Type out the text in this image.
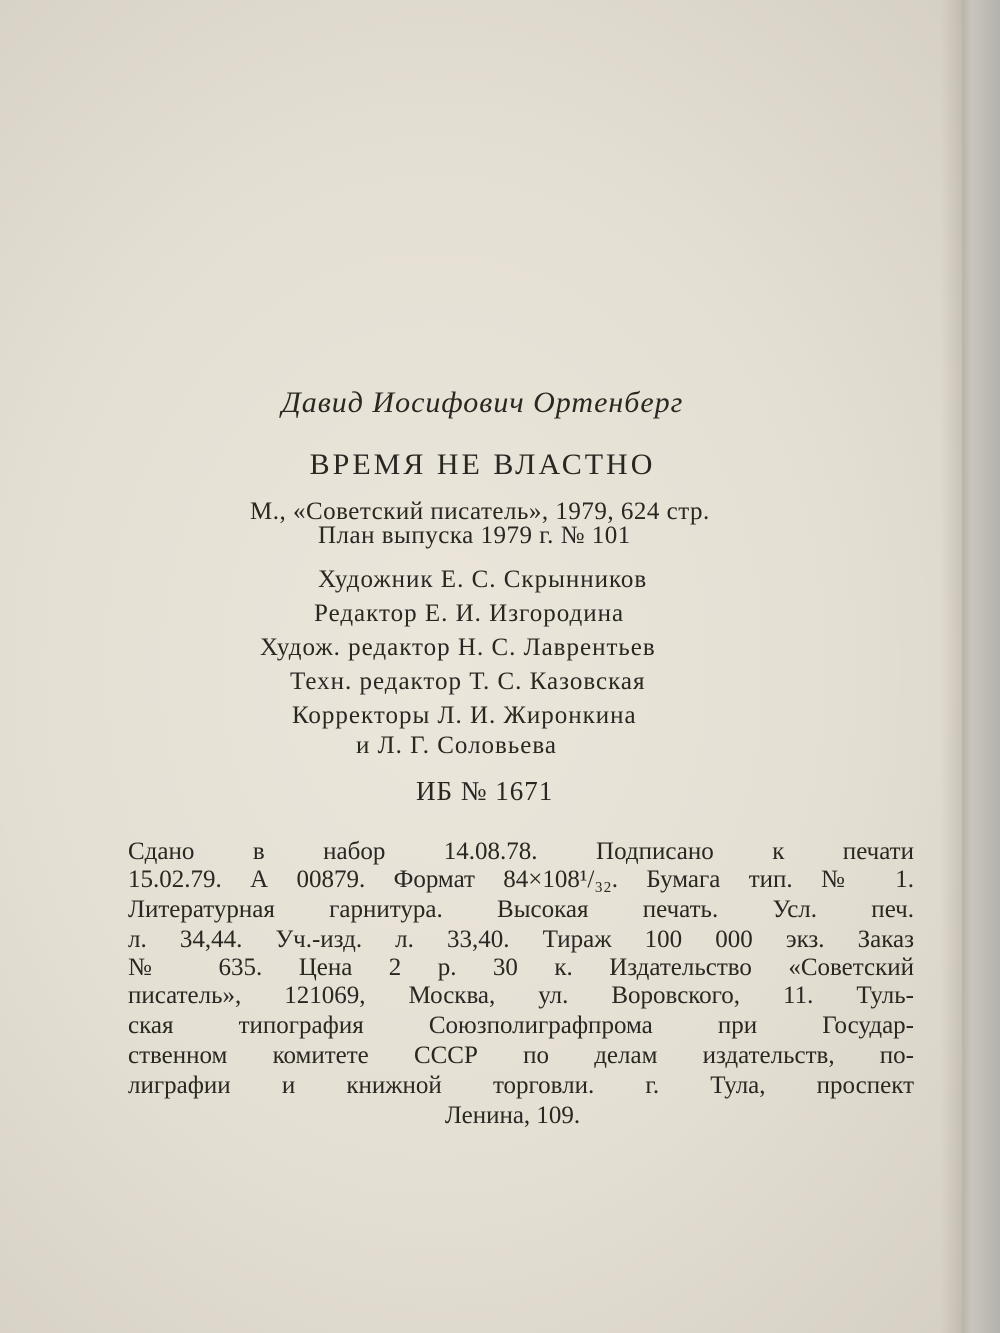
Давид Иосифович Ортенберг
ВРЕМЯ НЕ ВЛАСТНО
М., «Советский писатель», 1979, 624 стр.
План выпуска 1979 г. № 101
Художник Е. С. Скрынников
Редактор Е. И. Изгородина
Худож. редактор Н. С. Лаврентьев
Техн. редактор Т. С. Казовская
Корректоры Л. И. Жиронкина
и Л. Г. Соловьева
ИБ № 1671
Сдано в набор 14.08.78. Подписано к печати
15.02.79. А 00879. Формат 84×108¹/₃₂. Бумага тип. № 1.
Литературная гарнитура. Высокая печать. Усл. печ.
л. 34,44. Уч.-изд. л. 33,40. Тираж 100 000 экз. Заказ
№ 635. Цена 2 р. 30 к. Издательство «Советский
писатель», 121069, Москва, ул. Воровского, 11. Туль-
ская типография Союзполиграфпрома при Государ-
ственном комитете СССР по делам издательств, по-
лиграфии и книжной торговли. г. Тула, проспект
Ленина, 109.
